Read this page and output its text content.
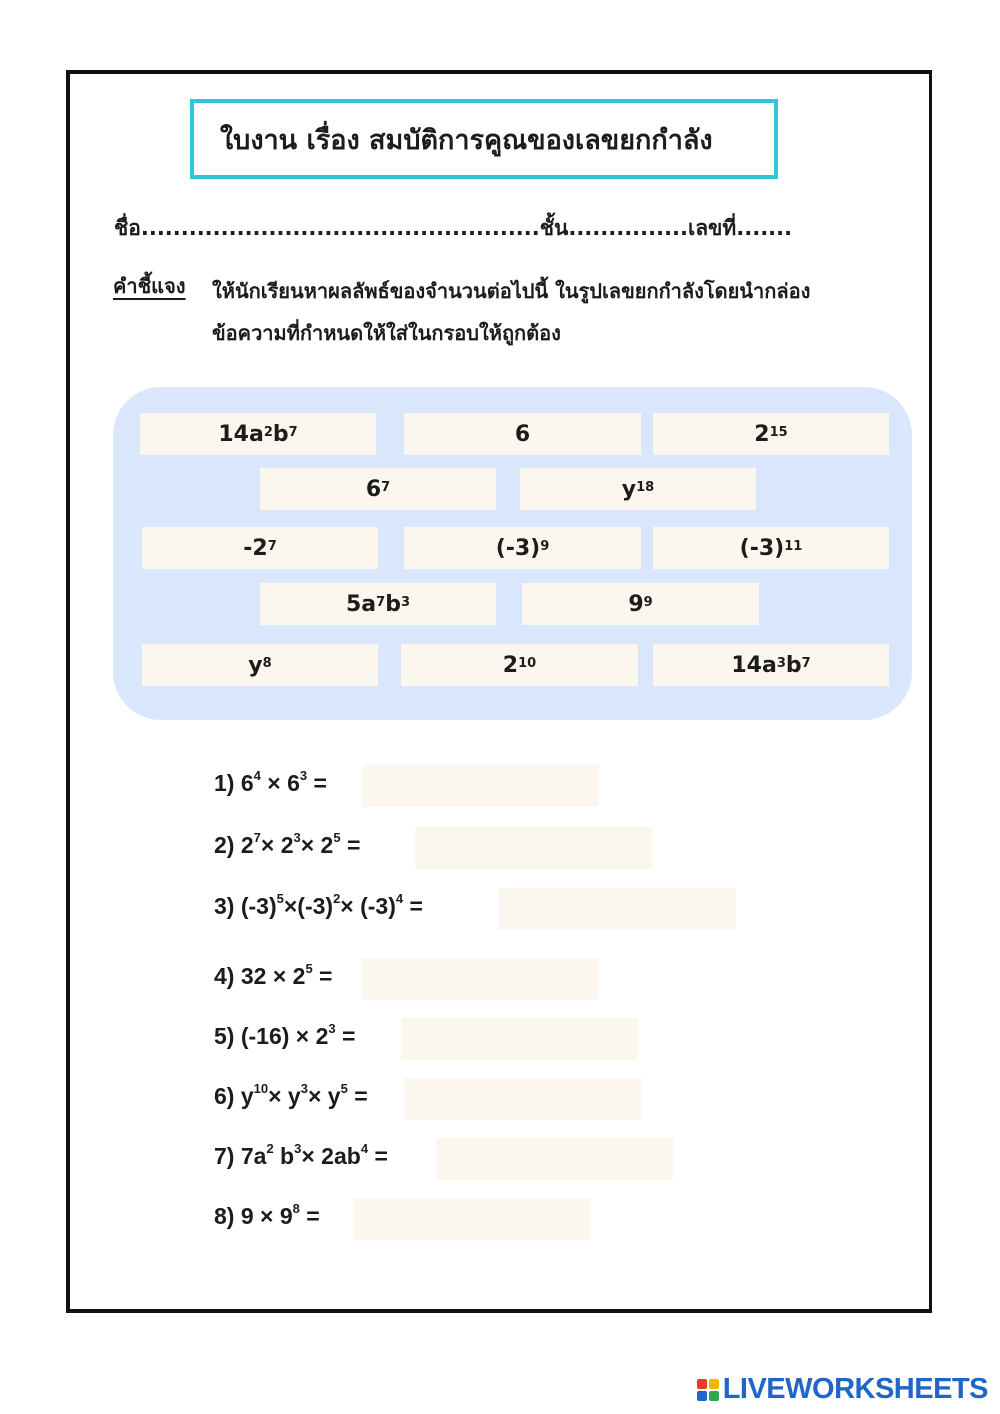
ใบงาน เรื่อง สมบัติการคูณของเลขยกกำลัง
ชื่อ..................................................ชั้น...............เลขที่.......
คำชี้แจง ให้นักเรียนหาผลลัพธ์ของจำนวนต่อไปนี้ ในรูปเลขยกกำลังโดยนำกล่อง
ข้อความที่กำหนดให้ใส่ในกรอบให้ถูกต้อง
$14a^2$ $b^7$	6	$2^{15}$
$6^7$	$y^{18}$
$-2^7$	$(-3)^9$	$(-3)^{11}$
$5a^7$ $b^3$	$9^9$
$y^8$	$2^{10}$	$14a^3$ $b^7$
1) $6^4 \times 6^3$ =
2) $2^7\times 2^3\times 2^5$ =
3) $(-3)^5\times(-3)^2\times (-3)^4$ =
4) $32 \times 2^5$ =
5) $(-16) \times 2^3$ =
6) $y^{10}\times y^3\times y^5$ =
7) $7a^2$ $b^3\times 2ab^4$ =
8) $9 \times 9^8$ =
LIVEWORKSHEETS
